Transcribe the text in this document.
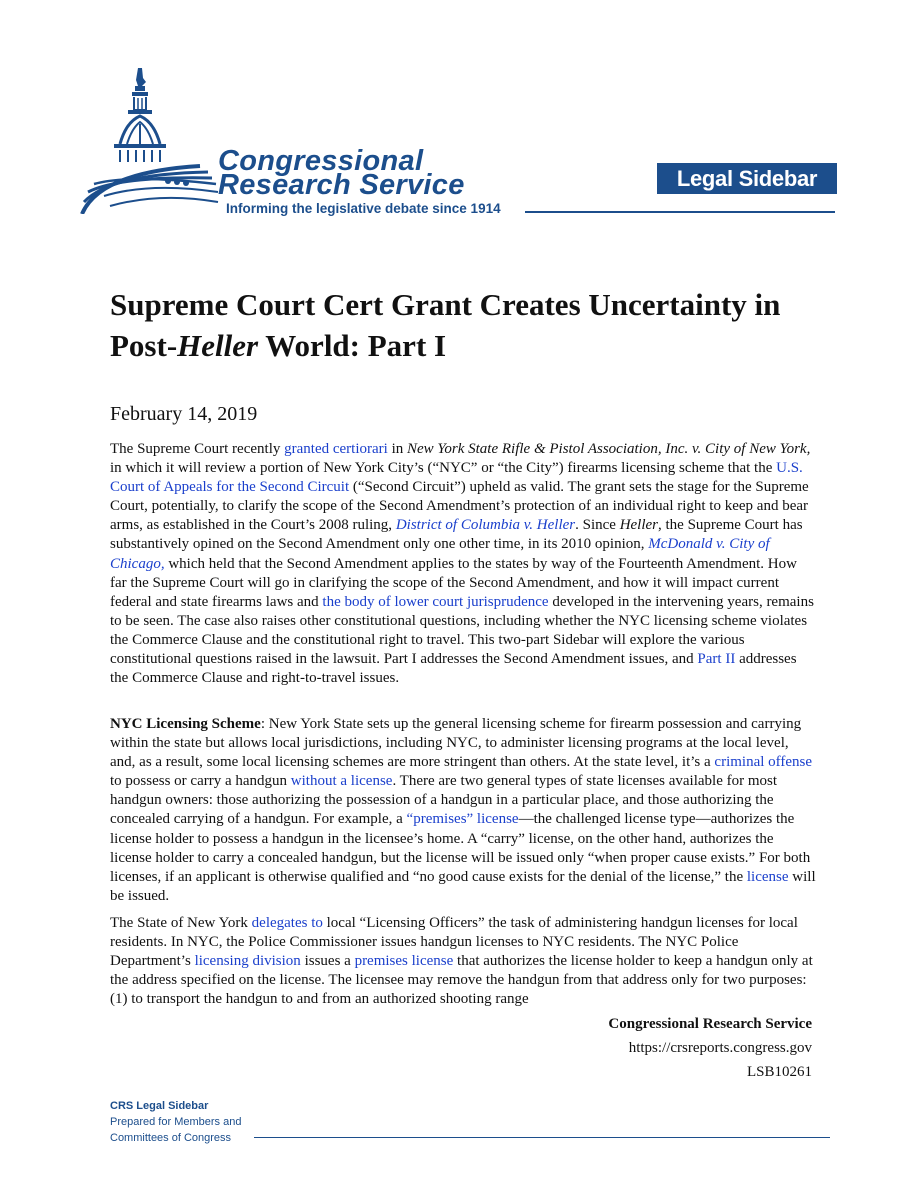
Congressional
Research Service
Informing the legislative debate since 1914
Legal Sidebar
Supreme Court Cert Grant Creates Uncertainty in Post-Heller World: Part I
February 14, 2019

The Supreme Court recently granted certiorari in New York State Rifle & Pistol Association, Inc. v. City of New York, in which it will review a portion of New York City’s (“NYC” or “the City”) firearms licensing scheme that the U.S. Court of Appeals for the Second Circuit (“Second Circuit”) upheld as valid. The grant sets the stage for the Supreme Court, potentially, to clarify the scope of the Second Amendment’s protection of an individual right to keep and bear arms, as established in the Court’s 2008 ruling, District of Columbia v. Heller. Since Heller, the Supreme Court has substantively opined on the Second Amendment only one other time, in its 2010 opinion, McDonald v. City of Chicago, which held that the Second Amendment applies to the states by way of the Fourteenth Amendment. How far the Supreme Court will go in clarifying the scope of the Second Amendment, and how it will impact current federal and state firearms laws and the body of lower court jurisprudence developed in the intervening years, remains to be seen. The case also raises other constitutional questions, including whether the NYC licensing scheme violates the Commerce Clause and the constitutional right to travel. This two-part Sidebar will explore the various constitutional questions raised in the lawsuit. Part I addresses the Second Amendment issues, and Part II addresses the Commerce Clause and right-to-travel issues.

NYC Licensing Scheme: New York State sets up the general licensing scheme for firearm possession and carrying within the state but allows local jurisdictions, including NYC, to administer licensing programs at the local level, and, as a result, some local licensing schemes are more stringent than others. At the state level, it’s a criminal offense to possess or carry a handgun without a license. There are two general types of state licenses available for most handgun owners: those authorizing the possession of a handgun in a particular place, and those authorizing the concealed carrying of a handgun. For example, a “premises” license—the challenged license type—authorizes the license holder to possess a handgun in the licensee’s home. A “carry” license, on the other hand, authorizes the license holder to carry a concealed handgun, but the license will be issued only “when proper cause exists.” For both licenses, if an applicant is otherwise qualified and “no good cause exists for the denial of the license,” the license will be issued.

The State of New York delegates to local “Licensing Officers” the task of administering handgun licenses for local residents. In NYC, the Police Commissioner issues handgun licenses to NYC residents. The NYC Police Department’s licensing division issues a premises license that authorizes the license holder to keep a handgun only at the address specified on the license. The licensee may remove the handgun from that address only for two purposes: (1) to transport the handgun to and from an authorized shooting range

Congressional Research Service
https://crsreports.congress.gov
LSB10261
CRS Legal Sidebar
Prepared for Members and
Committees of Congress
